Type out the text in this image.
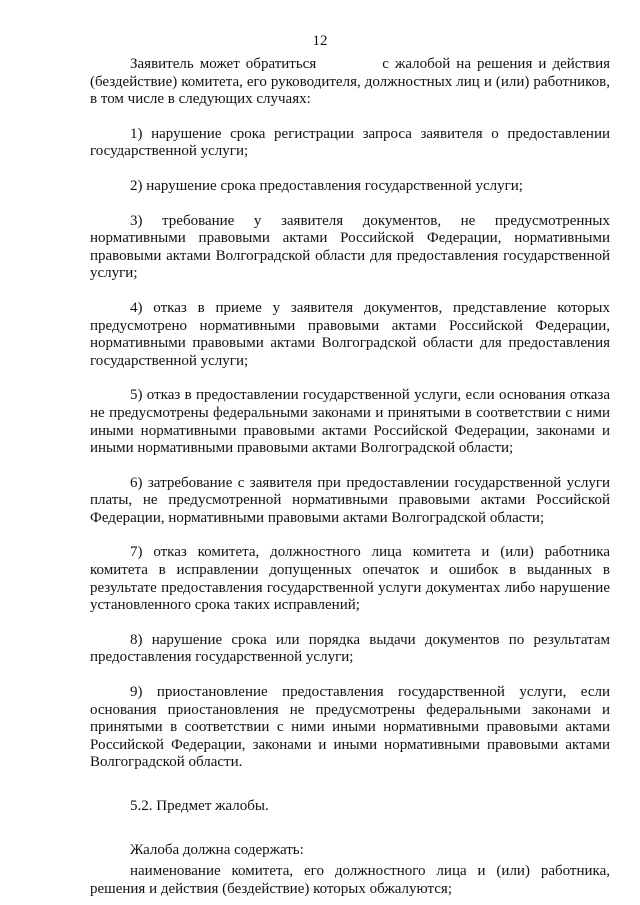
12

Заявитель может обратиться	с жалобой на решения и действия (бездействие) комитета, его руководителя, должностных лиц и (или) работников, в том числе в следующих случаях:

1) нарушение срока регистрации запроса заявителя о предоставлении государственной услуги;

2) нарушение срока предоставления государственной услуги;

3) требование у заявителя документов, не предусмотренных нормативными правовыми актами Российской Федерации, нормативными правовыми актами Волгоградской области для предоставления государственной услуги;

4) отказ в приеме у заявителя документов, представление которых предусмотрено нормативными правовыми актами Российской Федерации, нормативными правовыми актами Волгоградской области для предоставления государственной услуги;

5) отказ в предоставлении государственной услуги, если основания отказа не предусмотрены федеральными законами и принятыми в соответствии с ними иными нормативными правовыми актами Российской Федерации, законами и иными нормативными правовыми актами Волгоградской области;

6) затребование с заявителя при предоставлении государственной услуги платы, не предусмотренной нормативными правовыми актами Российской Федерации, нормативными правовыми актами Волгоградской области;

7) отказ комитета, должностного лица комитета и (или) работника комитета в исправлении допущенных опечаток и ошибок в выданных в результате предоставления государственной услуги документах либо нарушение установленного срока таких исправлений;

8) нарушение срока или порядка выдачи документов по результатам предоставления государственной услуги;

9) приостановление предоставления государственной услуги, если основания приостановления не предусмотрены федеральными законами и принятыми в соответствии с ними иными нормативными правовыми актами Российской Федерации, законами и иными нормативными правовыми актами Волгоградской области.

5.2. Предмет жалобы.

Жалоба должна содержать:

наименование комитета, его должностного лица и (или) работника, решения и действия (бездействие) которых обжалуются;
